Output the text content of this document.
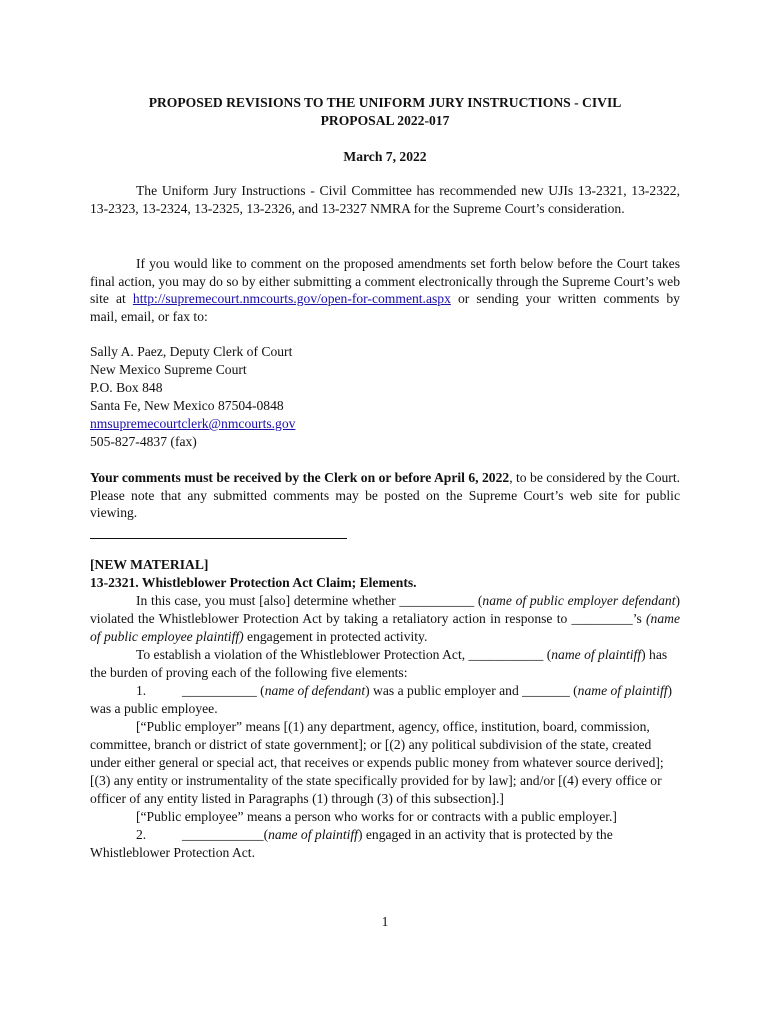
PROPOSED REVISIONS TO THE UNIFORM JURY INSTRUCTIONS - CIVIL
PROPOSAL 2022-017
March 7, 2022
The Uniform Jury Instructions - Civil Committee has recommended new UJIs 13-2321, 13-2322, 13-2323, 13-2324, 13-2325, 13-2326, and 13-2327 NMRA for the Supreme Court’s consideration.
If you would like to comment on the proposed amendments set forth below before the Court takes final action, you may do so by either submitting a comment electronically through the Supreme Court’s web site at http://supremecourt.nmcourts.gov/open-for-comment.aspx or sending your written comments by mail, email, or fax to:
Sally A. Paez, Deputy Clerk of Court
New Mexico Supreme Court
P.O. Box 848
Santa Fe, New Mexico 87504-0848
nmsupremecourtclerk@nmcourts.gov
505-827-4837 (fax)
Your comments must be received by the Clerk on or before April 6, 2022, to be considered by the Court. Please note that any submitted comments may be posted on the Supreme Court’s web site for public viewing.

[NEW MATERIAL]

13-2321. Whistleblower Protection Act Claim; Elements.

In this case, you must [also] determine whether ___________ (name of public employer defendant) violated the Whistleblower Protection Act by taking a retaliatory action in response to _________’s (name of public employee plaintiff) engagement in protected activity.

To establish a violation of the Whistleblower Protection Act, ___________ (name of plaintiff) has the burden of proving each of the following five elements:

1.	___________ (name of defendant) was a public employer and _______ (name of plaintiff) was a public employee.

[“Public employer” means [(1) any department, agency, office, institution, board, commission, committee, branch or district of state government]; or [(2) any political subdivision of the state, created under either general or special act, that receives or expends public money from whatever source derived]; [(3) any entity or instrumentality of the state specifically provided for by law]; and/or [(4) every office or officer of any entity listed in Paragraphs (1) through (3) of this subsection].]

[“Public employee” means a person who works for or contracts with a public employer.]

2.	____________(name of plaintiff) engaged in an activity that is protected by the Whistleblower Protection Act.

1
